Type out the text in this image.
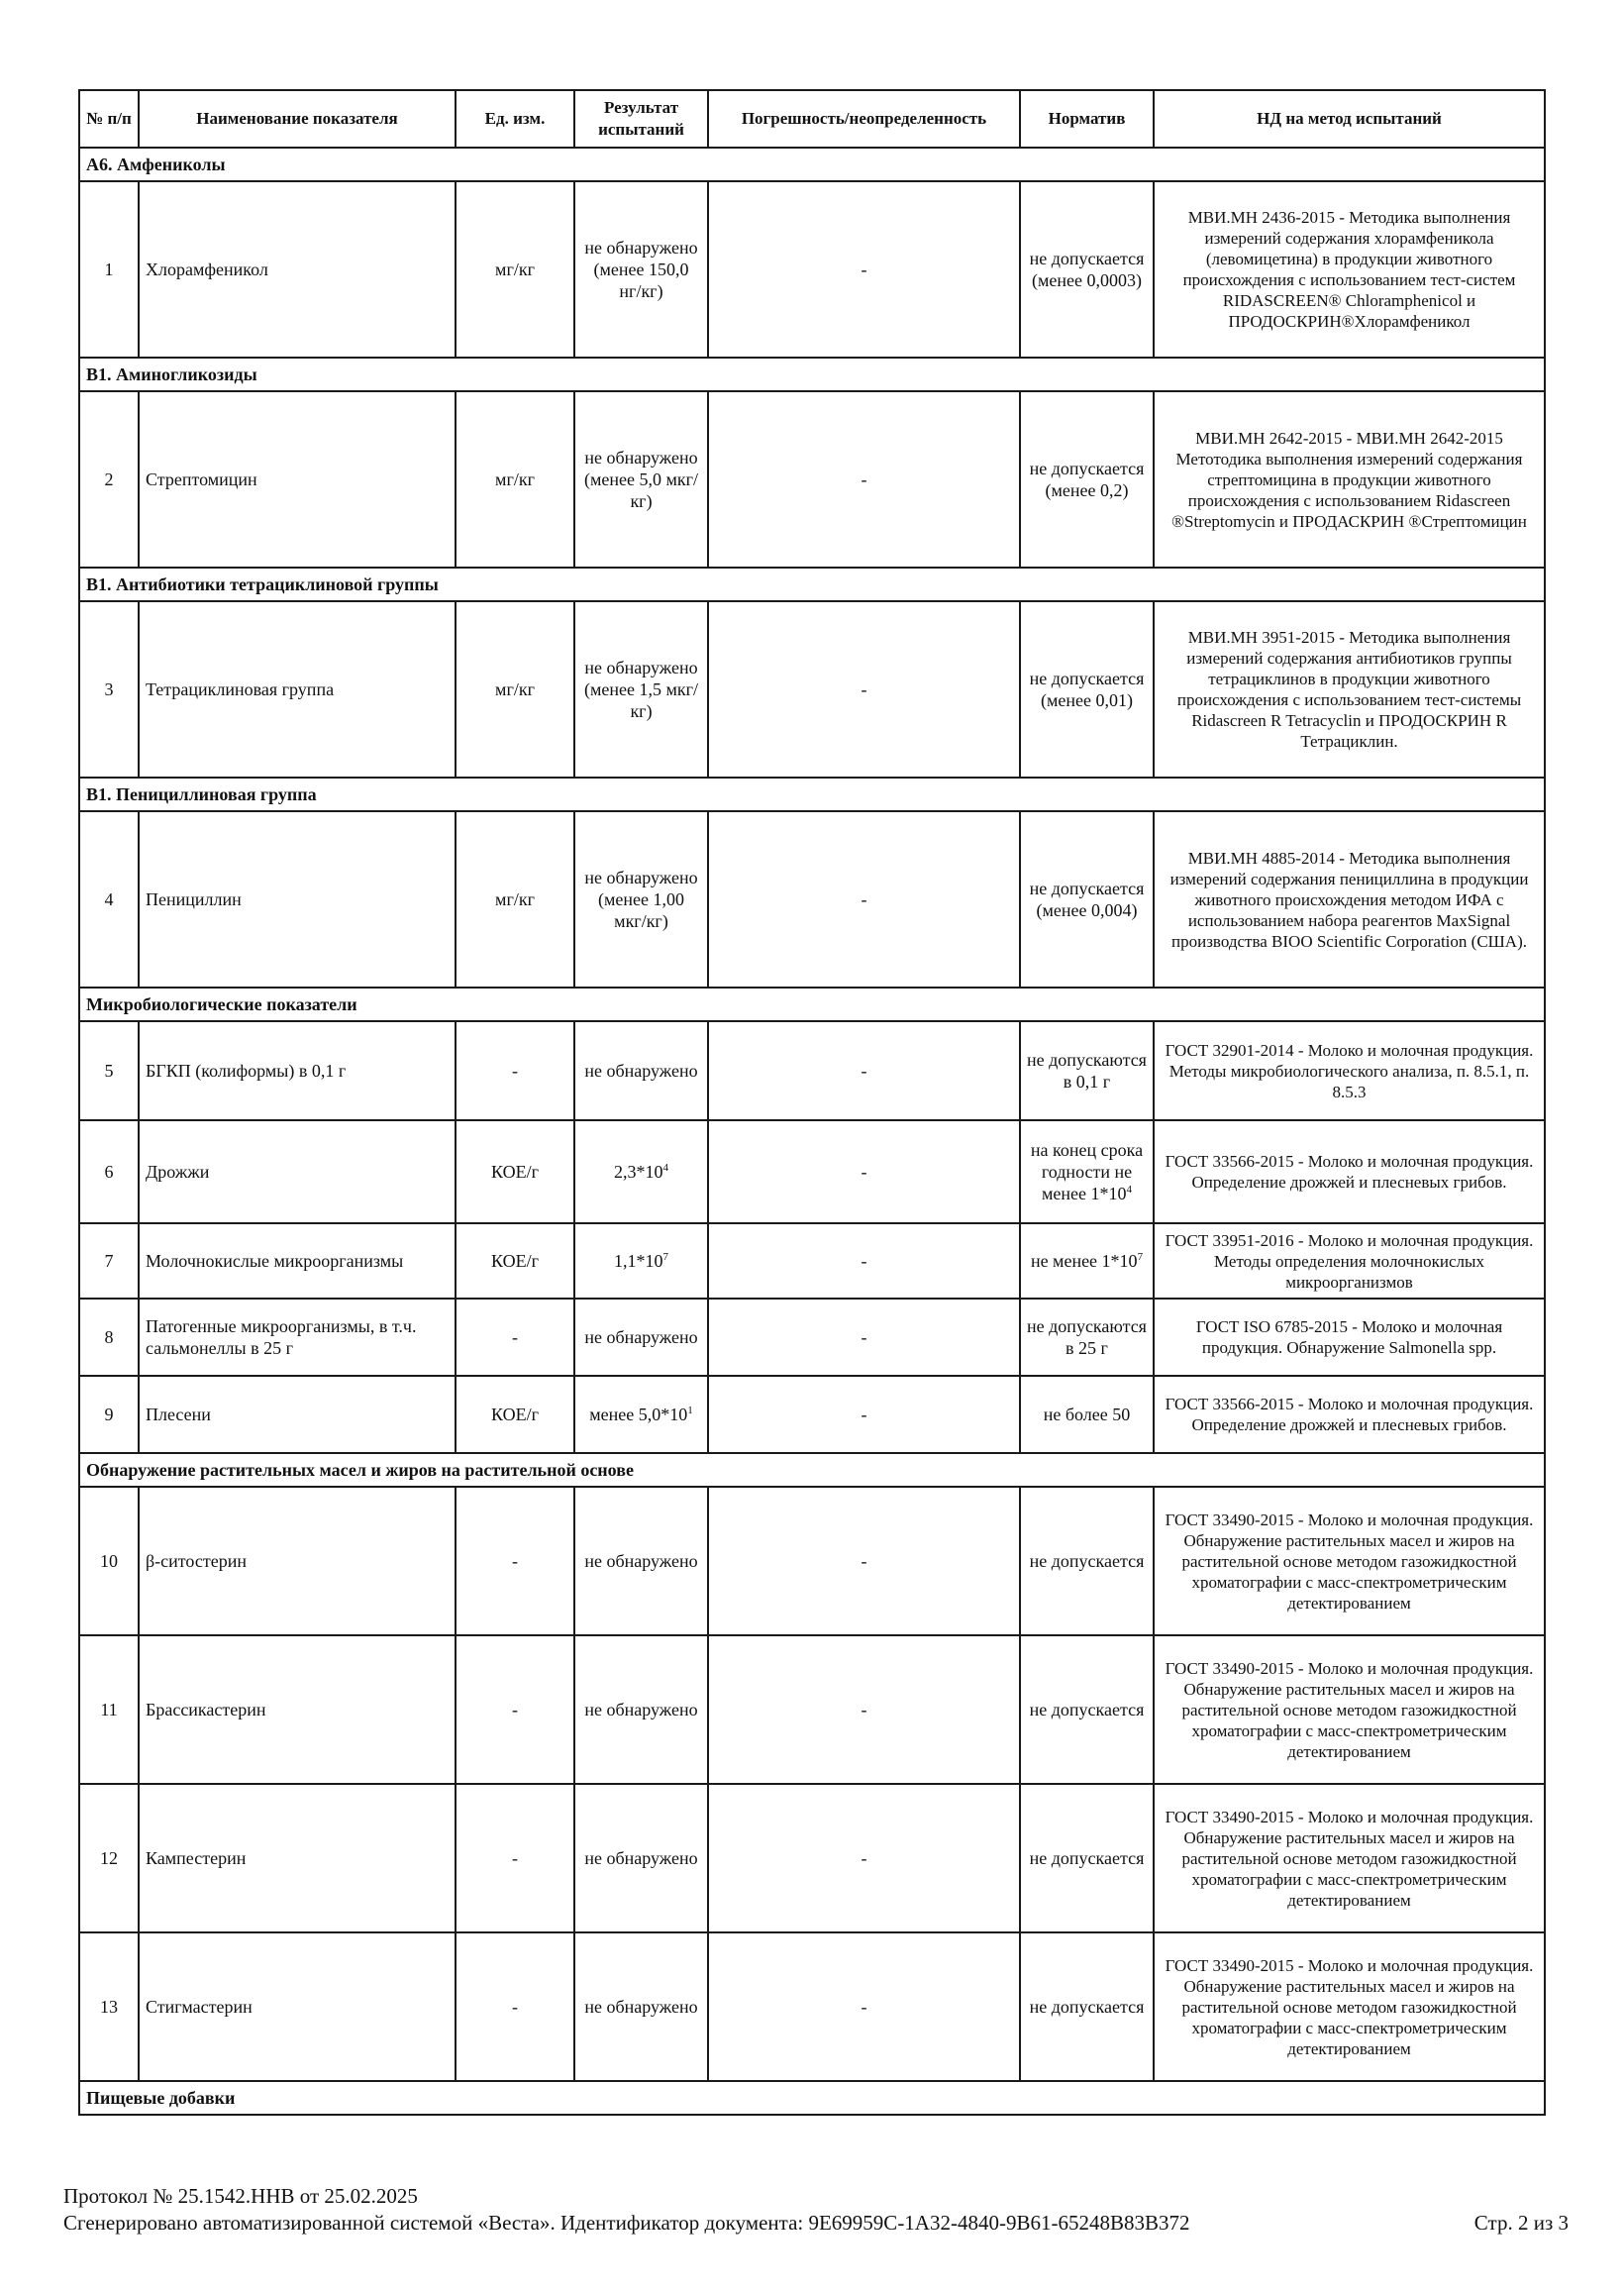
№ п/п	Наименование показателя	Ед. изм.	Результат испытаний	Погрешность/неопределенность	Норматив	НД на метод испытаний
А6. Амфениколы						
1	Хлорамфеникол	мг/кг	не обнаружено (менее 150,0 нг/кг)	-	не допускается (менее 0,0003)	МВИ.МН 2436-2015 - Методика выполнения измерений содержания хлорамфеникола (левомицетина) в продукции животного происхождения с использованием тест-систем RIDASCREEN® Chloramphenicol и ПРОДОСКРИН®Хлорамфеникол
В1. Аминогликозиды						
2	Стрептомицин	мг/кг	не обнаружено (менее 5,0 мкг/кг)	-	не допускается (менее 0,2)	МВИ.МН 2642-2015 - МВИ.МН 2642-2015 Метотодика выполнения измерений содержания стрептомицина в продукции животного происхождения с использованием Ridascreen ®Streptomycin и ПРОДАСКРИН ®Стрептомицин
В1. Антибиотики тетрациклиновой группы						
3	Тетрациклиновая группа	мг/кг	не обнаружено (менее 1,5 мкг/кг)	-	не допускается (менее 0,01)	МВИ.МН 3951-2015 - Методика выполнения измерений содержания антибиотиков группы тетрациклинов в продукции животного происхождения с использованием тест-системы Ridascreen R Tetracyclin и ПРОДОСКРИН R Тетрациклин.
В1. Пенициллиновая группа						
4	Пенициллин	мг/кг	не обнаружено (менее 1,00 мкг/кг)	-	не допускается (менее 0,004)	МВИ.МН 4885-2014 - Методика выполнения измерений содержания пенициллина в продукции животного происхождения методом ИФА с использованием набора реагентов MaxSignal производства BIOO Scientific Corporation (США).
Микробиологические показатели						
5	БГКП (колиформы) в 0,1 г	-	не обнаружено	-	не допускаются в 0,1 г	ГОСТ 32901-2014 - Молоко и молочная продукция. Методы микробиологического анализа, п. 8.5.1, п. 8.5.3
6	Дрожжи	КОЕ/г	$2,3*10^4$	-	на конец срока годности не менее $1*10^4$	ГОСТ 33566-2015 - Молоко и молочная продукция. Определение дрожжей и плесневых грибов.
7	Молочнокислые микроорганизмы	КОЕ/г	$1,1*10^7$	-	не менее $1*10^7$	ГОСТ 33951-2016 - Молоко и молочная продукция. Методы определения молочнокислых микроорганизмов
8	Патогенные микроорганизмы, в т.ч. сальмонеллы в 25 г	-	не обнаружено	-	не допускаются в 25 г	ГОСТ ISO 6785-2015 - Молоко и молочная продукция. Обнаружение Salmonella spp.
9	Плесени	КОЕ/г	менее $5,0*10^1$	-	не более 50	ГОСТ 33566-2015 - Молоко и молочная продукция. Определение дрожжей и плесневых грибов.
Обнаружение растительных масел и жиров на растительной основе						
10	β-ситостерин	-	не обнаружено	-	не допускается	ГОСТ 33490-2015 - Молоко и молочная продукция. Обнаружение растительных масел и жиров на растительной основе методом газожидкостной хроматографии с масс-спектрометрическим детектированием
11	Брассикастерин	-	не обнаружено	-	не допускается	ГОСТ 33490-2015 - Молоко и молочная продукция. Обнаружение растительных масел и жиров на растительной основе методом газожидкостной хроматографии с масс-спектрометрическим детектированием
12	Кампестерин	-	не обнаружено	-	не допускается	ГОСТ 33490-2015 - Молоко и молочная продукция. Обнаружение растительных масел и жиров на растительной основе методом газожидкостной хроматографии с масс-спектрометрическим детектированием
13	Стигмастерин	-	не обнаружено	-	не допускается	ГОСТ 33490-2015 - Молоко и молочная продукция. Обнаружение растительных масел и жиров на растительной основе методом газожидкостной хроматографии с масс-спектрометрическим детектированием
Пищевые добавки						
Протокол № 25.1542.ННВ от 25.02.2025
Сгенерировано автоматизированной системой «Веста». Идентификатор документа: 9E69959C-1A32-4840-9B61-65248B83B372	Стр. 2 из 3
